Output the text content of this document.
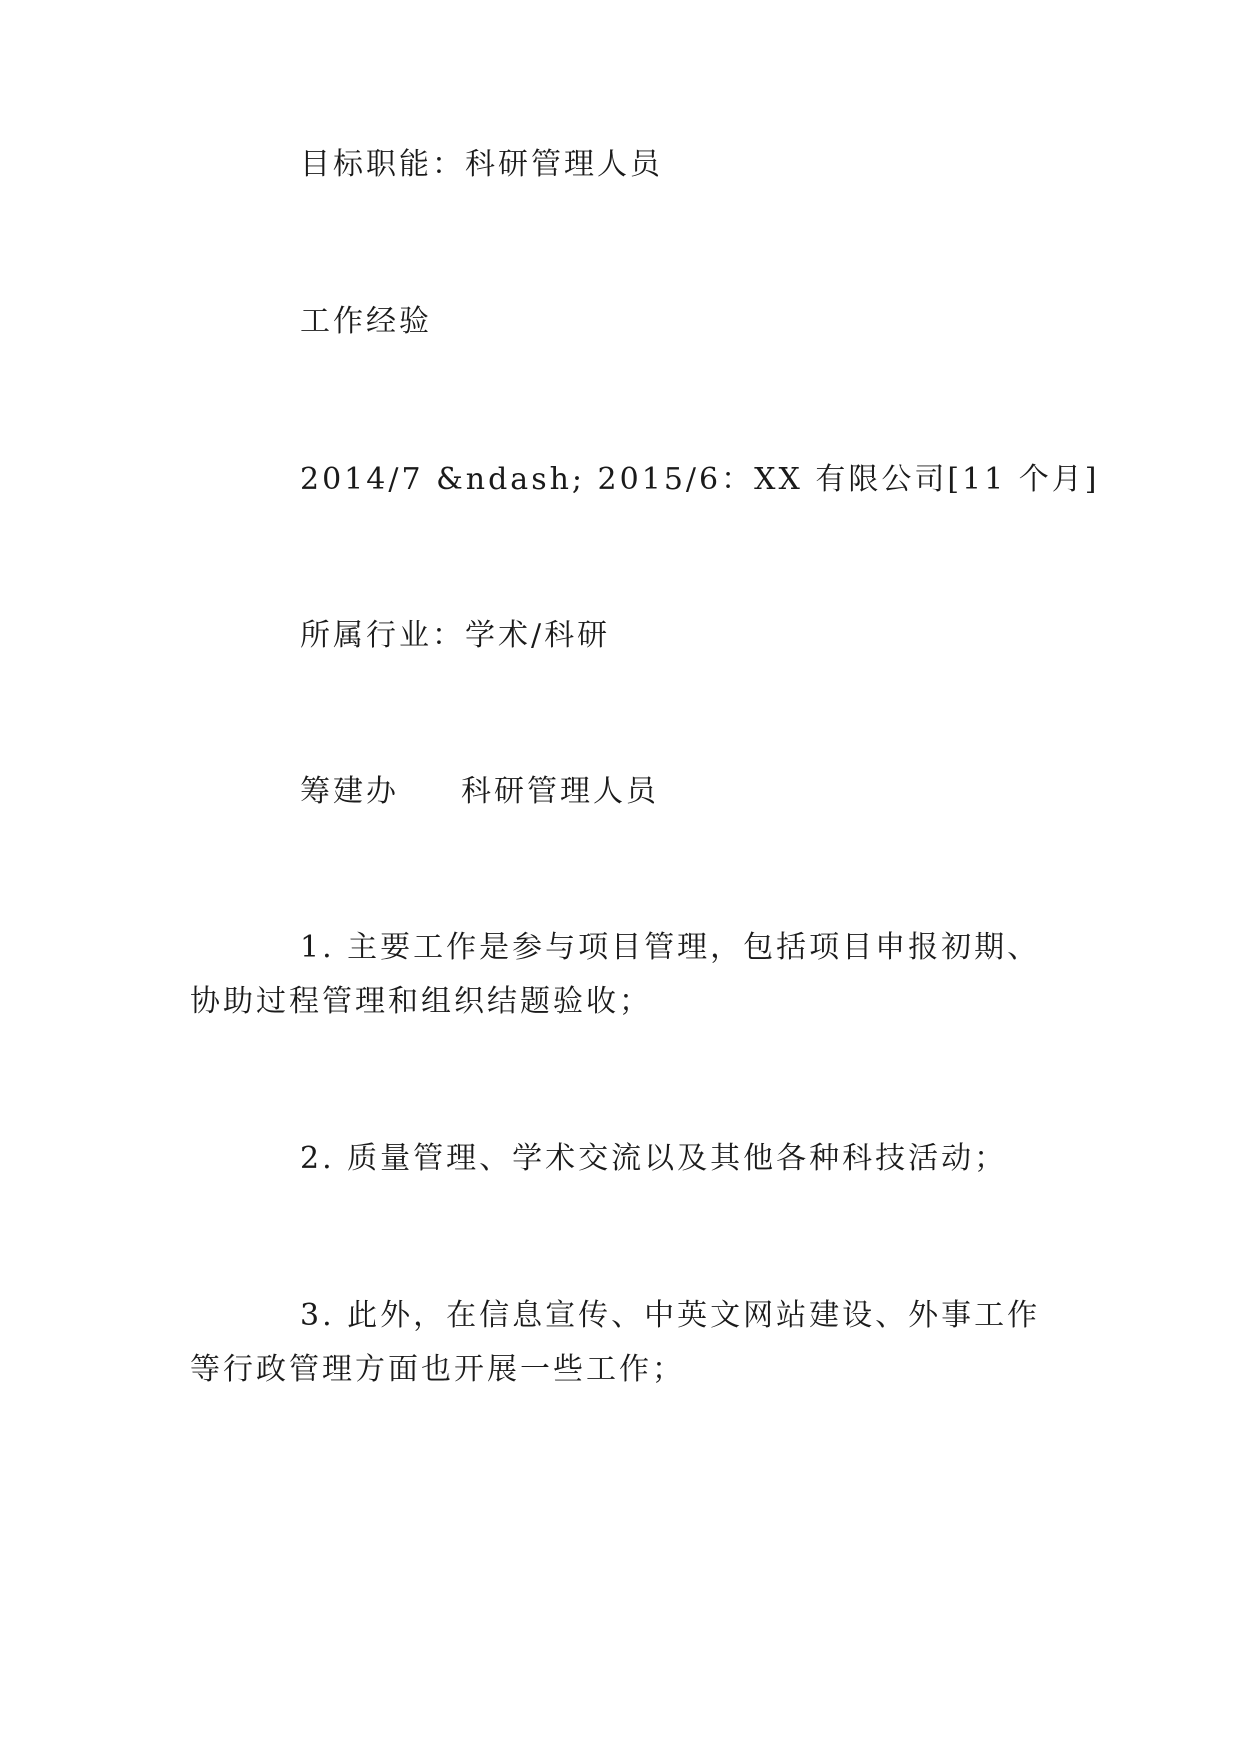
目标职能：科研管理人员
工作经验
2014/7 &ndash; 2015/6：XX 有限公司[11 个月]
所属行业：学术/科研
筹建办 科研管理人员
1. 主要工作是参与项目管理，包括项目申报初期、
协助过程管理和组织结题验收；
2. 质量管理、学术交流以及其他各种科技活动；
3. 此外，在信息宣传、中英文网站建设、外事工作
等行政管理方面也开展一些工作；
